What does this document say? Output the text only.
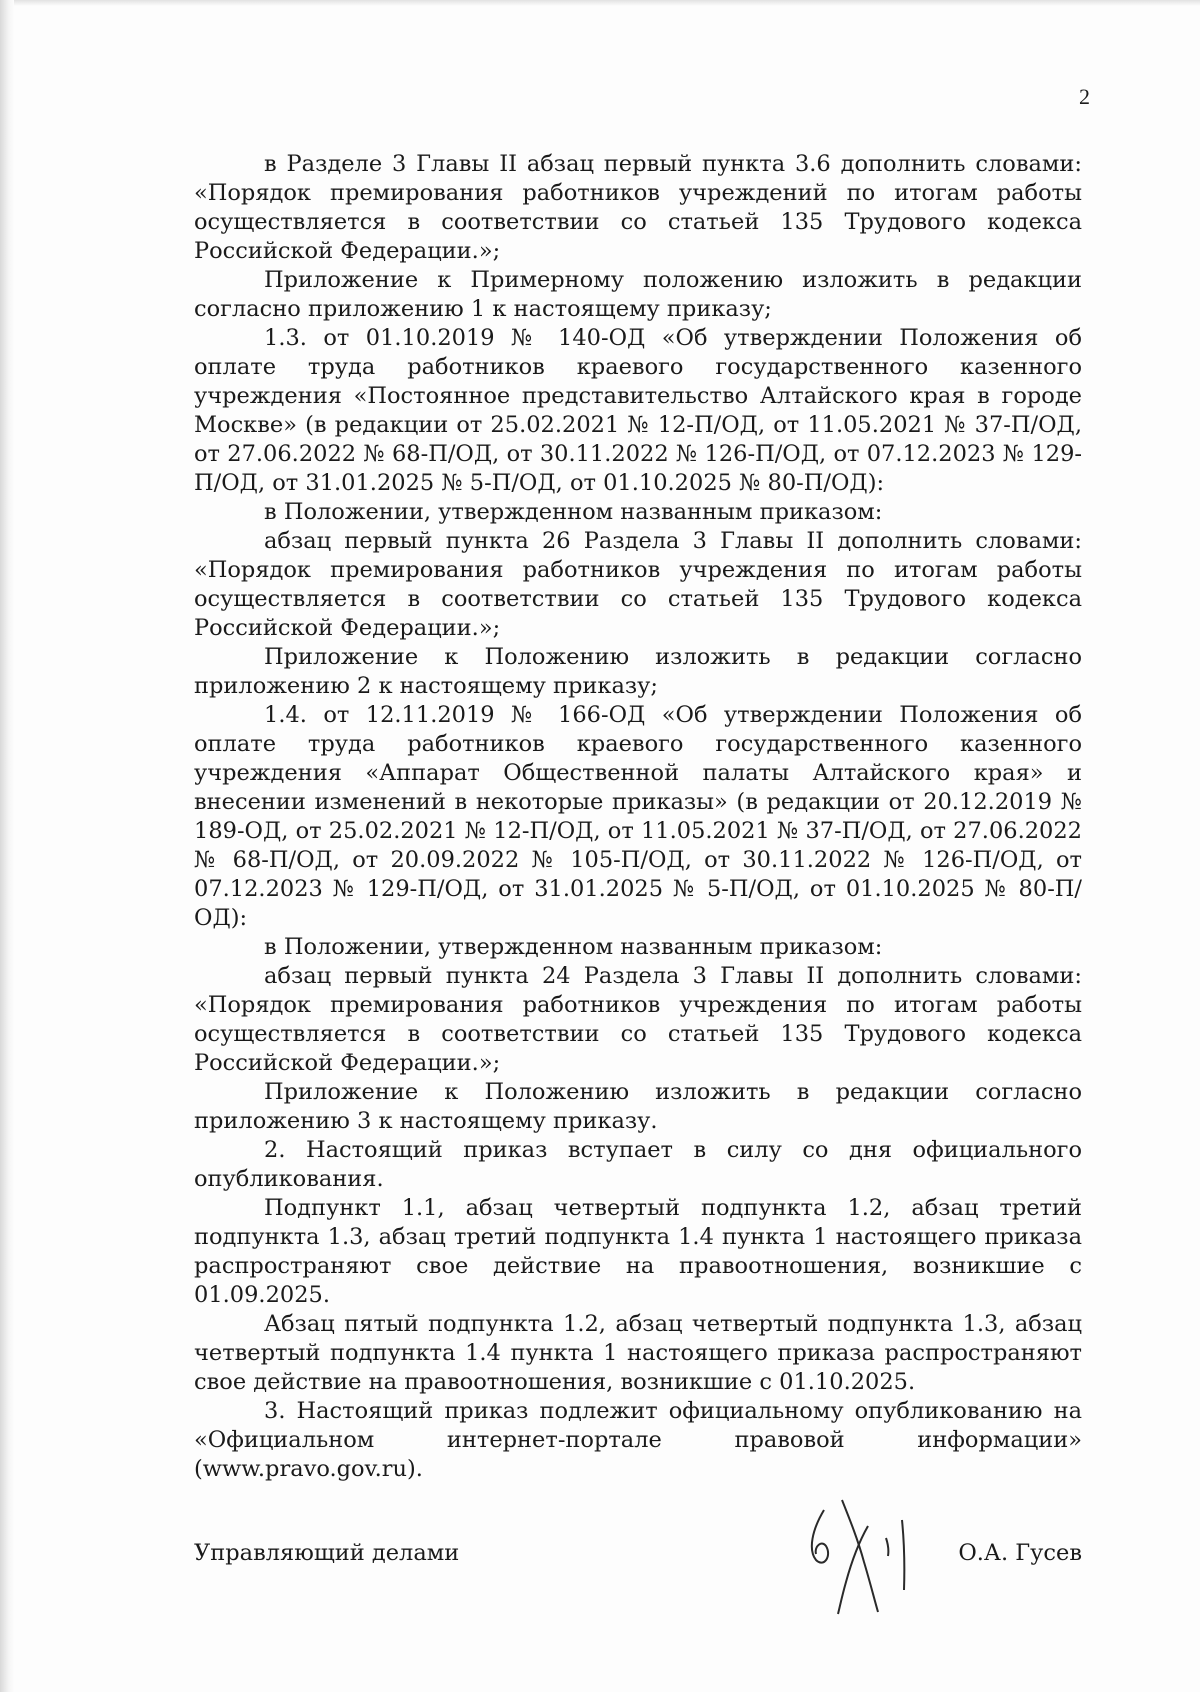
2

в Разделе 3 Главы II абзац первый пункта 3.6 дополнить словами: «Порядок премирования работников учреждений по итогам работы осуществляется в соответствии со статьей 135 Трудового кодекса Российской Федерации.»;

Приложение к Примерному положению изложить в редакции согласно приложению 1 к настоящему приказу;

1.3. от 01.10.2019 № 140-ОД «Об утверждении Положения об оплате труда работников краевого государственного казенного учреждения «Постоянное представительство Алтайского края в городе Москве» (в редакции от 25.02.2021 № 12-П/ОД, от 11.05.2021 № 37-П/ОД, от 27.06.2022 № 68-П/ОД, от 30.11.2022 № 126-П/ОД, от 07.12.2023 № 129-П/ОД, от 31.01.2025 № 5-П/ОД, от 01.10.2025 № 80-П/ОД):

в Положении, утвержденном названным приказом:

абзац первый пункта 26 Раздела 3 Главы II дополнить словами: «Порядок премирования работников учреждения по итогам работы осуществляется в соответствии со статьей 135 Трудового кодекса Российской Федерации.»;

Приложение к Положению изложить в редакции согласно приложению 2 к настоящему приказу;

1.4. от 12.11.2019 № 166-ОД «Об утверждении Положения об оплате труда работников краевого государственного казенного учреждения «Аппарат Общественной палаты Алтайского края» и внесении изменений в некоторые приказы» (в редакции от 20.12.2019 № 189-ОД, от 25.02.2021 № 12-П/ОД, от 11.05.2021 № 37-П/ОД, от 27.06.2022 № 68-П/ОД, от 20.09.2022 № 105-П/ОД, от 30.11.2022 № 126-П/ОД, от 07.12.2023 № 129-П/ОД, от 31.01.2025 № 5-П/ОД, от 01.10.2025 № 80-П/ОД):

в Положении, утвержденном названным приказом:

абзац первый пункта 24 Раздела 3 Главы II дополнить словами: «Порядок премирования работников учреждения по итогам работы осуществляется в соответствии со статьей 135 Трудового кодекса Российской Федерации.»;

Приложение к Положению изложить в редакции согласно приложению 3 к настоящему приказу.

2. Настоящий приказ вступает в силу со дня официального опубликования.

Подпункт 1.1, абзац четвертый подпункта 1.2, абзац третий подпункта 1.3, абзац третий подпункта 1.4 пункта 1 настоящего приказа распространяют свое действие на правоотношения, возникшие с 01.09.2025.

Абзац пятый подпункта 1.2, абзац четвертый подпункта 1.3, абзац четвертый подпункта 1.4 пункта 1 настоящего приказа распространяют свое действие на правоотношения, возникшие с 01.10.2025.

3. Настоящий приказ подлежит официальному опубликованию на «Официальном интернет-портале правовой информации» (www.pravo.gov.ru).

Управляющий делами	О.А. Гусев
